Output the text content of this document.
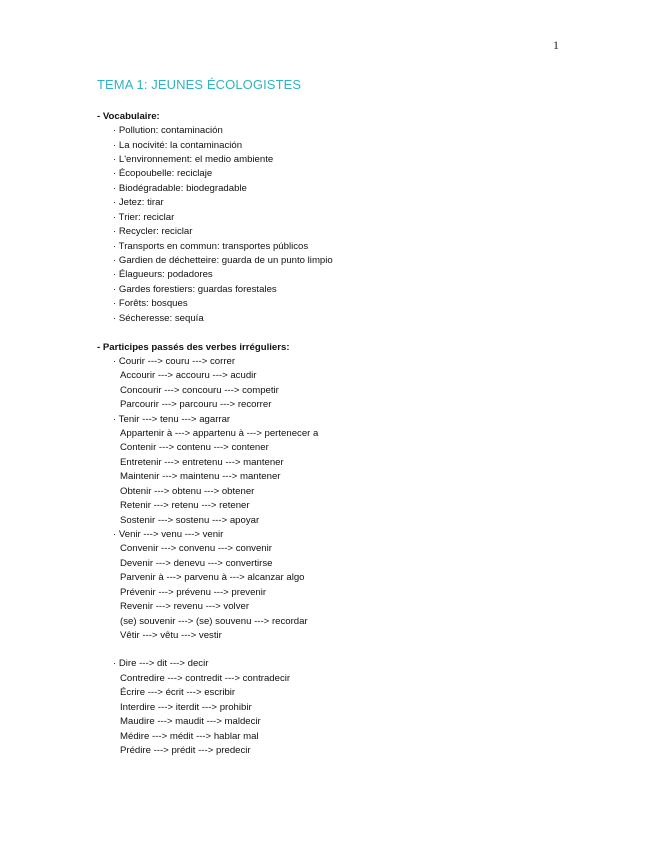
1
TEMA 1: JEUNES ÉCOLOGISTES
- Vocabulaire:
· Pollution: contaminación
· La nocivité: la contaminación
· L'environnement: el medio ambiente
· Écopoubelle: reciclaje
· Biodégradable: biodegradable
· Jetez: tirar
· Trier: reciclar
· Recycler: reciclar
· Transports en commun: transportes públicos
· Gardien de déchetteire: guarda de un punto limpio
· Élagueurs: podadores
· Gardes forestiers: guardas forestales
· Forêts: bosques
· Sécheresse: sequía
- Participes passés des verbes irréguliers:
· Courir ---> couru ---> correr
Accourir ---> accouru ---> acudir
Concourir ---> concouru ---> competir
Parcourir ---> parcouru ---> recorrer
· Tenir ---> tenu ---> agarrar
Appartenir à ---> appartenu à ---> pertenecer a
Contenir ---> contenu ---> contener
Entretenir ---> entretenu ---> mantener
Maintenir ---> maintenu ---> mantener
Obtenir ---> obtenu ---> obtener
Retenir ---> retenu ---> retener
Sostenir ---> sostenu ---> apoyar
· Venir ---> venu ---> venir
Convenir ---> convenu ---> convenir
Devenir ---> denevu ---> convertirse
Parvenir à ---> parvenu à ---> alcanzar algo
Prévenir ---> prévenu ---> prevenir
Revenir ---> revenu ---> volver
(se) souvenir ---> (se) souvenu ---> recordar
Vêtir ---> vêtu ---> vestir
· Dire ---> dit ---> decir
Contredire ---> contredit ---> contradecir
Écrire ---> écrit ---> escribir
Interdire ---> iterdit ---> prohibir
Maudire ---> maudit ---> maldecir
Médire ---> médit ---> hablar mal
Prédire ---> prédit ---> predecir
